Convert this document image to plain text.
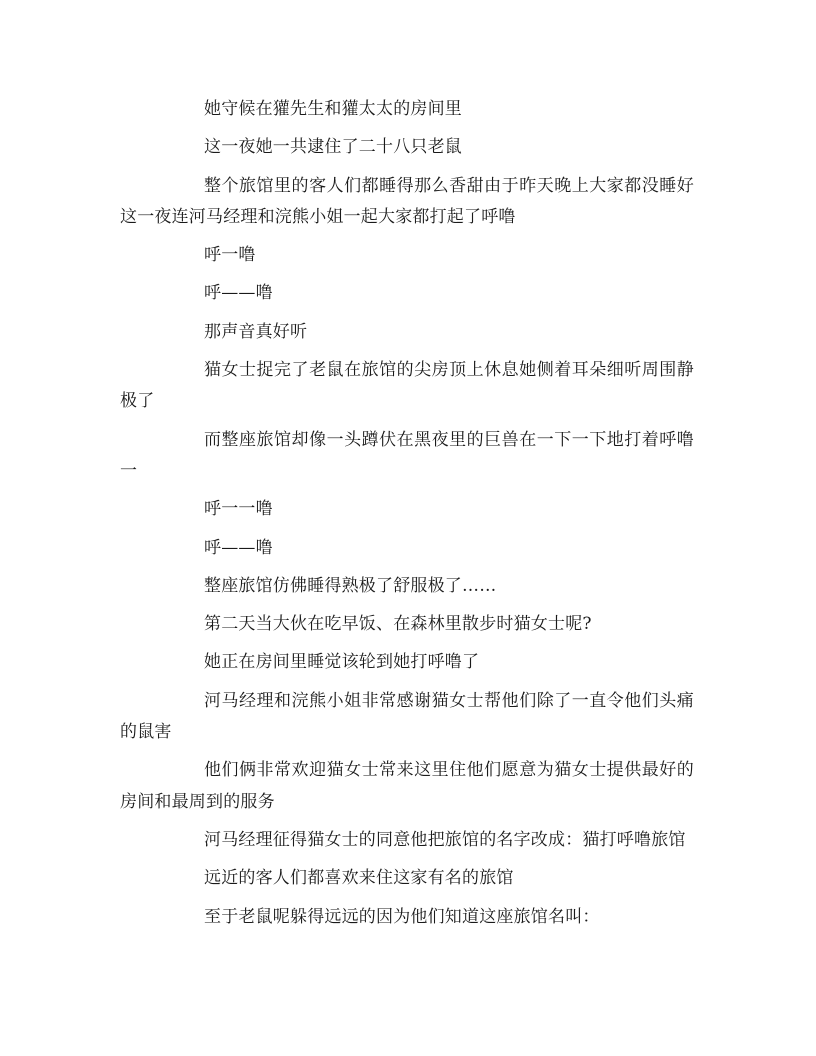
她守候在獾先生和獾太太的房间里

这一夜她一共逮住了二十八只老鼠

整个旅馆里的客人们都睡得那么香甜由于昨天晚上大家都没睡好这一夜连河马经理和浣熊小姐一起大家都打起了呼噜

呼一噜

呼——噜

那声音真好听

猫女士捉完了老鼠在旅馆的尖房顶上休息她侧着耳朵细听周围静极了

而整座旅馆却像一头蹲伏在黑夜里的巨兽在一下一下地打着呼噜一

呼一一噜

呼——噜

整座旅馆仿佛睡得熟极了舒服极了……

第二天当大伙在吃早饭、在森林里散步时猫女士呢?

她正在房间里睡觉该轮到她打呼噜了

河马经理和浣熊小姐非常感谢猫女士帮他们除了一直令他们头痛的鼠害

他们俩非常欢迎猫女士常来这里住他们愿意为猫女士提供最好的房间和最周到的服务

河马经理征得猫女士的同意他把旅馆的名字改成：猫打呼噜旅馆

远近的客人们都喜欢来住这家有名的旅馆

至于老鼠呢躲得远远的因为他们知道这座旅馆名叫：
